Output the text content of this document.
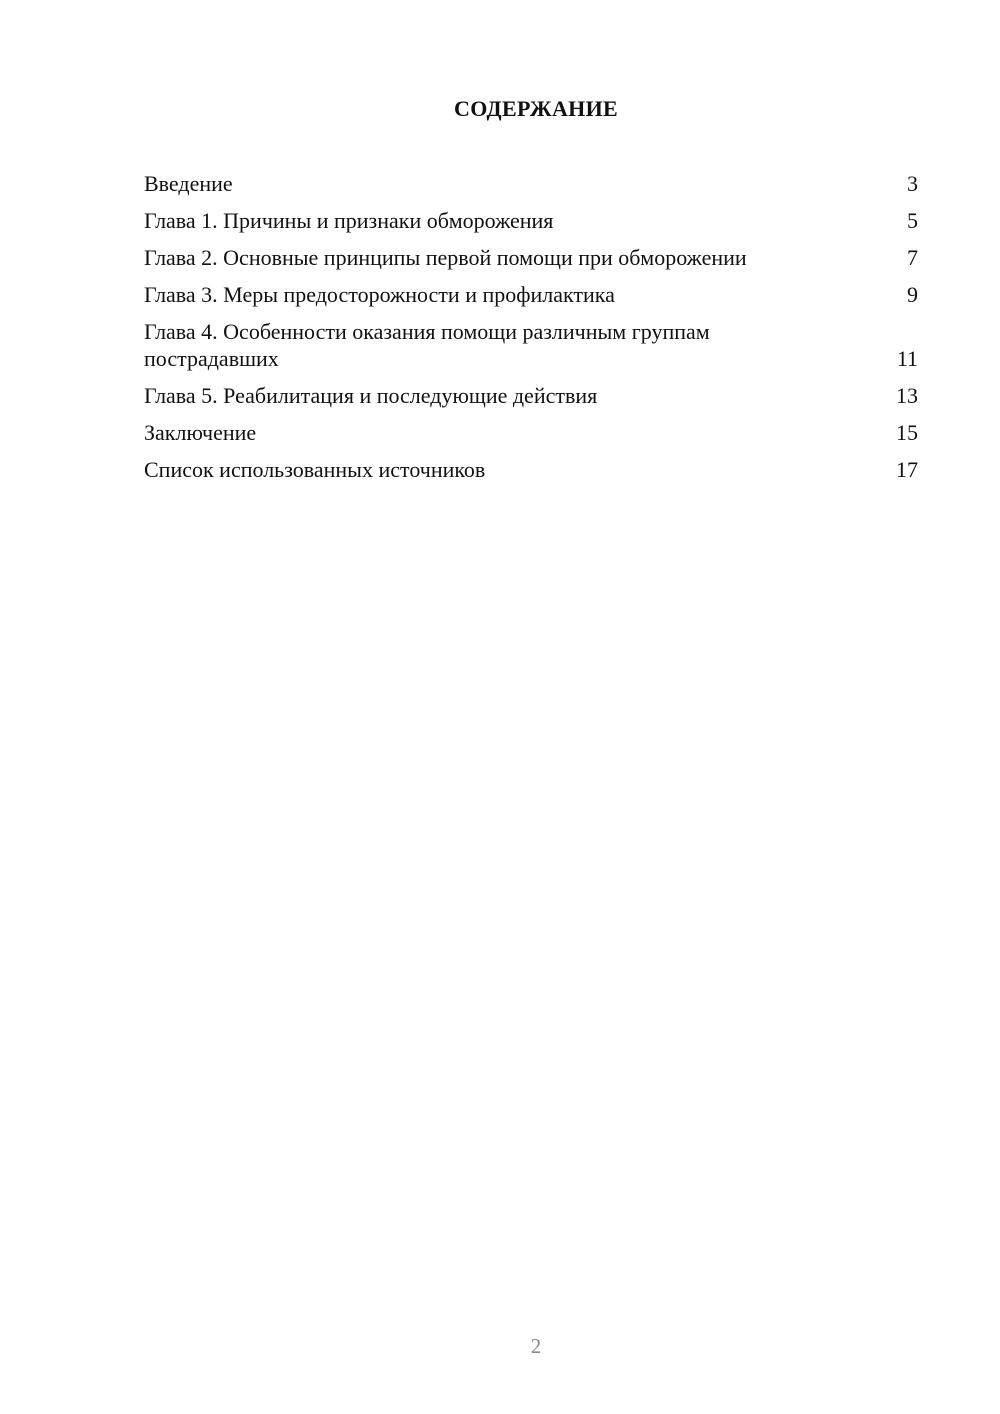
СОДЕРЖАНИЕ
Введение	3
Глава 1. Причины и признаки обморожения	5
Глава 2. Основные принципы первой помощи при обморожении	7
Глава 3. Меры предосторожности и профилактика	9
Глава 4. Особенности оказания помощи различным группам пострадавших	11
Глава 5. Реабилитация и последующие действия	13
Заключение	15
Список использованных источников	17
2
